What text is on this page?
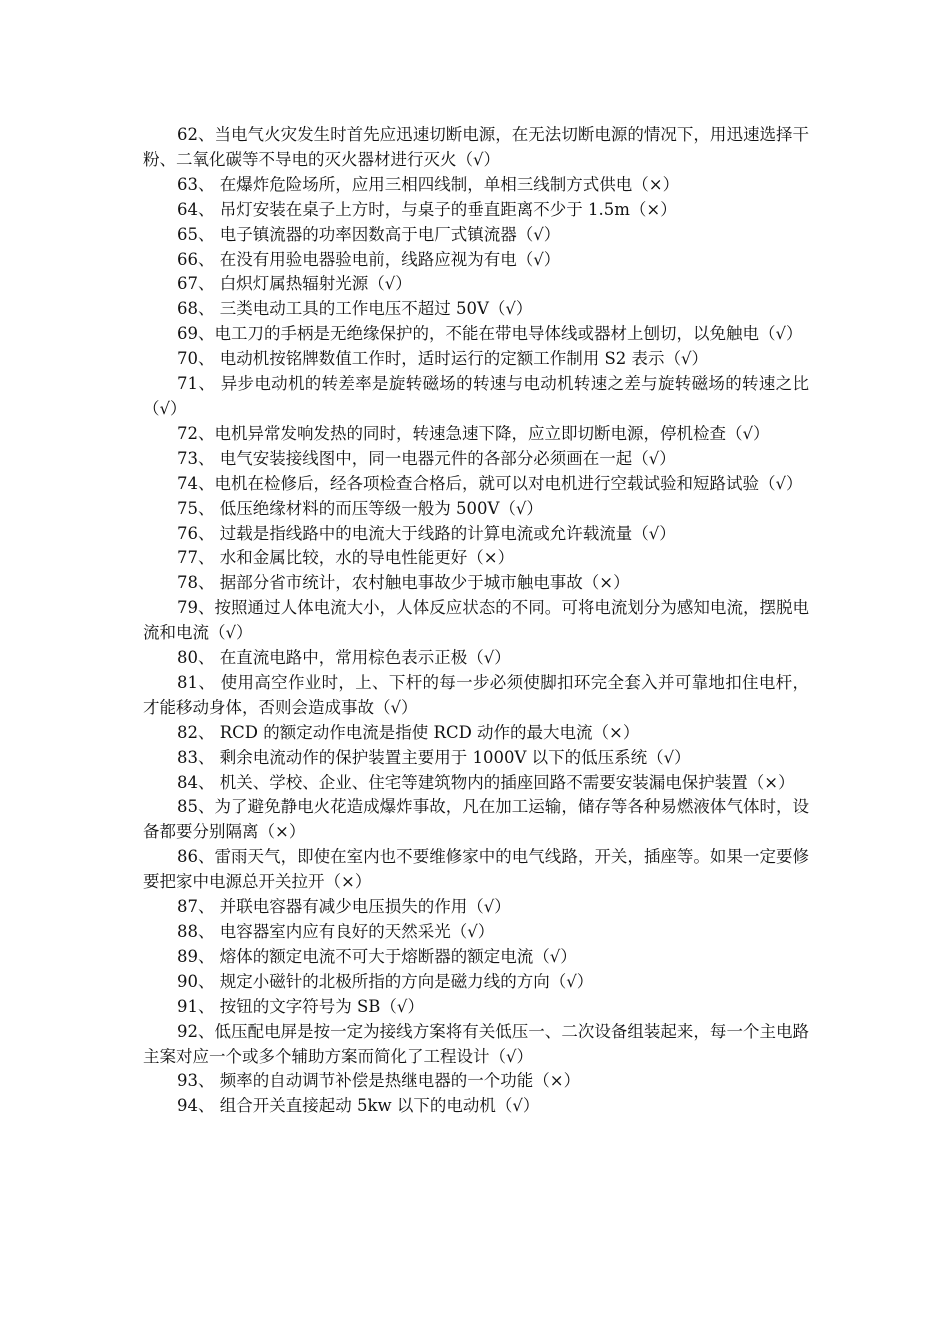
62、当电气火灾发生时首先应迅速切断电源，在无法切断电源的情况下，用迅速选择干粉、二氧化碳等不导电的灭火器材进行灭火（√）

63、 在爆炸危险场所，应用三相四线制，单相三线制方式供电（×）

64、 吊灯安装在桌子上方时，与桌子的垂直距离不少于 1.5m（×）

65、 电子镇流器的功率因数高于电厂式镇流器（√）

66、 在没有用验电器验电前，线路应视为有电（√）

67、 白炽灯属热辐射光源（√）

68、 三类电动工具的工作电压不超过 50V（√）

69、电工刀的手柄是无绝缘保护的，不能在带电导体线或器材上刨切，以免触电（√）

70、 电动机按铭牌数值工作时，适时运行的定额工作制用 S2 表示（√）

71、 异步电动机的转差率是旋转磁场的转速与电动机转速之差与旋转磁场的转速之比（√）

72、电机异常发响发热的同时，转速急速下降，应立即切断电源，停机检查（√）

73、 电气安装接线图中，同一电器元件的各部分必须画在一起（√）

74、电机在检修后，经各项检查合格后，就可以对电机进行空载试验和短路试验（√）

75、 低压绝缘材料的而压等级一般为 500V（√）

76、 过载是指线路中的电流大于线路的计算电流或允许载流量（√）

77、 水和金属比较，水的导电性能更好（×）

78、 据部分省市统计，农村触电事故少于城市触电事故（×）

79、按照通过人体电流大小，人体反应状态的不同。可将电流划分为感知电流，摆脱电流和电流（√）

80、 在直流电路中，常用棕色表示正极（√）

81、 使用高空作业时，上、下杆的每一步必须使脚扣环完全套入并可靠地扣住电杆，才能移动身体，否则会造成事故（√）

82、 RCD 的额定动作电流是指使 RCD 动作的最大电流（×）

83、 剩余电流动作的保护装置主要用于 1000V 以下的低压系统（√）

84、 机关、学校、企业、住宅等建筑物内的插座回路不需要安装漏电保护装置（×）

85、为了避免静电火花造成爆炸事故，凡在加工运输，储存等各种易燃液体气体时，设备都要分别隔离（×）

86、雷雨天气，即使在室内也不要维修家中的电气线路，开关，插座等。如果一定要修要把家中电源总开关拉开（×）

87、 并联电容器有减少电压损失的作用（√）

88、 电容器室内应有良好的天然采光（√）

89、 熔体的额定电流不可大于熔断器的额定电流（√）

90、 规定小磁针的北极所指的方向是磁力线的方向（√）

91、 按钮的文字符号为 SB（√）

92、低压配电屏是按一定为接线方案将有关低压一、二次设备组装起来，每一个主电路主案对应一个或多个辅助方案而简化了工程设计（√）

93、 频率的自动调节补偿是热继电器的一个功能（×）

94、 组合开关直接起动 5kw 以下的电动机（√）
